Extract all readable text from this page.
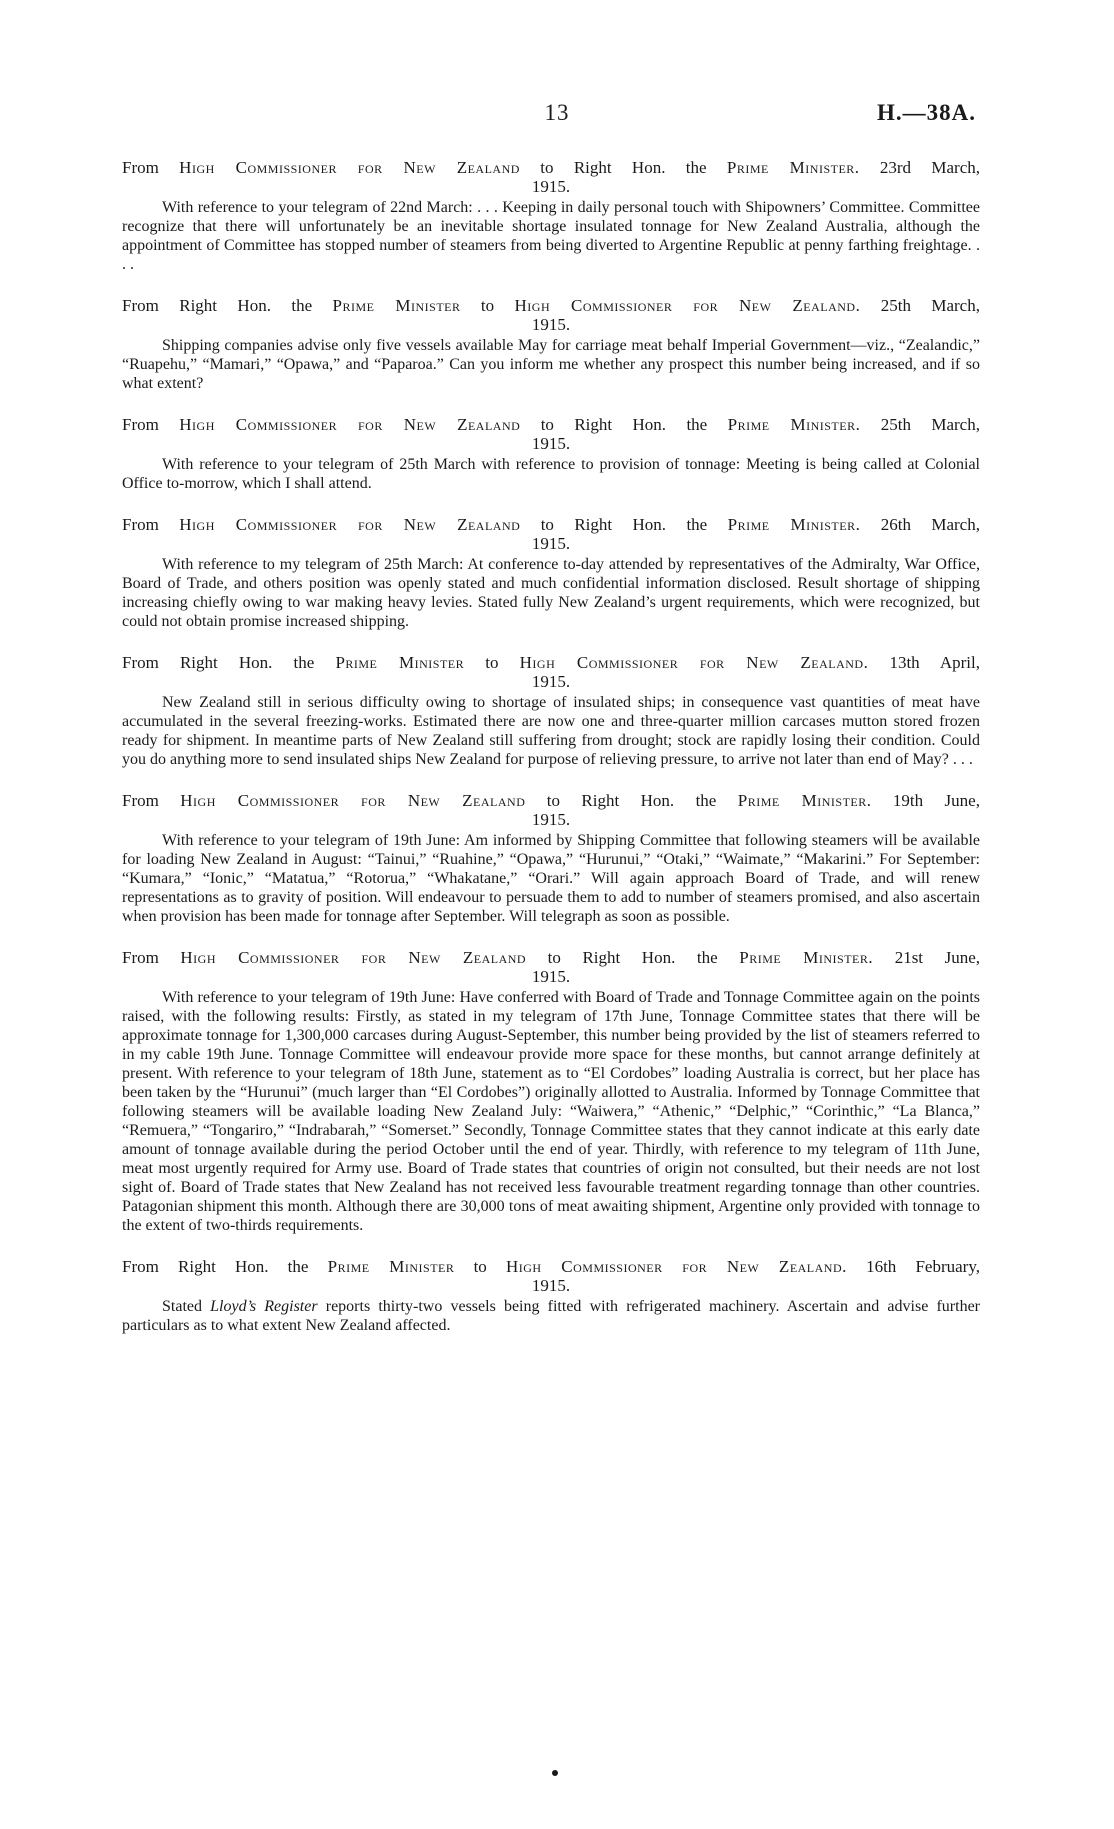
13	H.—38A.
From High Commissioner for New Zealand to Right Hon. the Prime Minister. 23rd March,
1915.
With reference to your telegram of 22nd March: . . . Keeping in daily personal touch with Shipowners’ Committee. Committee recognize that there will unfortunately be an inevitable shortage insulated tonnage for New Zealand Australia, although the appointment of Committee has stopped number of steamers from being diverted to Argentine Republic at penny farthing freightage. . . .
From Right Hon. the Prime Minister to High Commissioner for New Zealand. 25th March,
1915.
Shipping companies advise only five vessels available May for carriage meat behalf Imperial Government—viz., “Zealandic,” “Ruapehu,” “Mamari,” “Opawa,” and “Paparoa.” Can you inform me whether any prospect this number being increased, and if so what extent?
From High Commissioner for New Zealand to Right Hon. the Prime Minister. 25th March,
1915.
With reference to your telegram of 25th March with reference to provision of tonnage: Meeting is being called at Colonial Office to-morrow, which I shall attend.
From High Commissioner for New Zealand to Right Hon. the Prime Minister. 26th March,
1915.
With reference to my telegram of 25th March: At conference to-day attended by representatives of the Admiralty, War Office, Board of Trade, and others position was openly stated and much confidential information disclosed. Result shortage of shipping increasing chiefly owing to war making heavy levies. Stated fully New Zealand’s urgent requirements, which were recognized, but could not obtain promise increased shipping.
From Right Hon. the Prime Minister to High Commissioner for New Zealand. 13th April,
1915.
New Zealand still in serious difficulty owing to shortage of insulated ships; in consequence vast quantities of meat have accumulated in the several freezing-works. Estimated there are now one and three-quarter million carcases mutton stored frozen ready for shipment. In meantime parts of New Zealand still suffering from drought; stock are rapidly losing their condition. Could you do anything more to send insulated ships New Zealand for purpose of relieving pressure, to arrive not later than end of May? . . .
From High Commissioner for New Zealand to Right Hon. the Prime Minister. 19th June,
1915.
With reference to your telegram of 19th June: Am informed by Shipping Committee that following steamers will be available for loading New Zealand in August: “Tainui,” “Ruahine,” “Opawa,” “Hurunui,” “Otaki,” “Waimate,” “Makarini.” For September: “Kumara,” “Ionic,” “Matatua,” “Rotorua,” “Whakatane,” “Orari.” Will again approach Board of Trade, and will renew representations as to gravity of position. Will endeavour to persuade them to add to number of steamers promised, and also ascertain when provision has been made for tonnage after September. Will telegraph as soon as possible.
From High Commissioner for New Zealand to Right Hon. the Prime Minister. 21st June,
1915.
With reference to your telegram of 19th June: Have conferred with Board of Trade and Tonnage Committee again on the points raised, with the following results: Firstly, as stated in my telegram of 17th June, Tonnage Committee states that there will be approximate tonnage for 1,300,000 carcases during August-September, this number being provided by the list of steamers referred to in my cable 19th June. Tonnage Committee will endeavour provide more space for these months, but cannot arrange definitely at present. With reference to your telegram of 18th June, statement as to “El Cordobes” loading Australia is correct, but her place has been taken by the “Hurunui” (much larger than “El Cordobes”) originally allotted to Australia. Informed by Tonnage Committee that following steamers will be available loading New Zealand July: “Waiwera,” “Athenic,” “Delphic,” “Corinthic,” “La Blanca,” “Remuera,” “Tongariro,” “Indrabarah,” “Somerset.” Secondly, Tonnage Committee states that they cannot indicate at this early date amount of tonnage available during the period October until the end of year. Thirdly, with reference to my telegram of 11th June, meat most urgently required for Army use. Board of Trade states that countries of origin not consulted, but their needs are not lost sight of. Board of Trade states that New Zealand has not received less favourable treatment regarding tonnage than other countries. Patagonian shipment this month. Although there are 30,000 tons of meat awaiting shipment, Argentine only provided with tonnage to the extent of two-thirds requirements.
From Right Hon. the Prime Minister to High Commissioner for New Zealand. 16th February,
1915.
Stated Lloyd’s Register reports thirty-two vessels being fitted with refrigerated machinery. Ascertain and advise further particulars as to what extent New Zealand affected.
